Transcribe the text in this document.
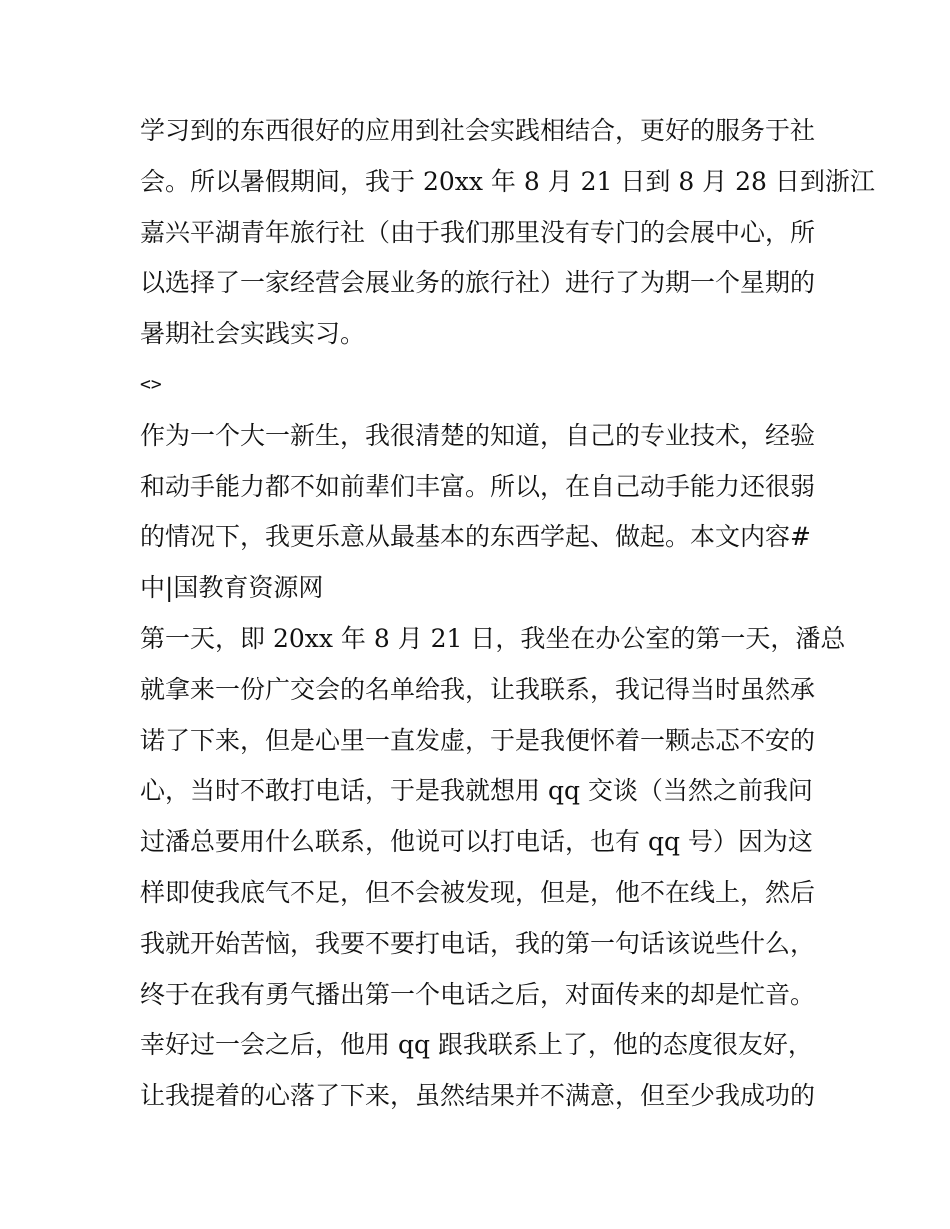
学习到的东西很好的应用到社会实践相结合，更好的服务于社
会。所以暑假期间，我于 20xx 年 8 月 21 日到 8 月 28 日到浙江
嘉兴平湖青年旅行社（由于我们那里没有专门的会展中心，所
以选择了一家经营会展业务的旅行社）进行了为期一个星期的
暑期社会实践实习。
<>
作为一个大一新生，我很清楚的知道，自己的专业技术，经验
和动手能力都不如前辈们丰富。所以，在自己动手能力还很弱
的情况下，我更乐意从最基本的东西学起、做起。本文内容#
中|国教育资源网
第一天，即 20xx 年 8 月 21 日，我坐在办公室的第一天，潘总
就拿来一份广交会的名单给我，让我联系，我记得当时虽然承
诺了下来，但是心里一直发虚，于是我便怀着一颗忐忑不安的
心，当时不敢打电话，于是我就想用 qq 交谈（当然之前我问
过潘总要用什么联系，他说可以打电话，也有 qq 号）因为这
样即使我底气不足，但不会被发现，但是，他不在线上，然后
我就开始苦恼，我要不要打电话，我的第一句话该说些什么，
终于在我有勇气播出第一个电话之后，对面传来的却是忙音。
幸好过一会之后，他用 qq 跟我联系上了，他的态度很友好，
让我提着的心落了下来，虽然结果并不满意，但至少我成功的
